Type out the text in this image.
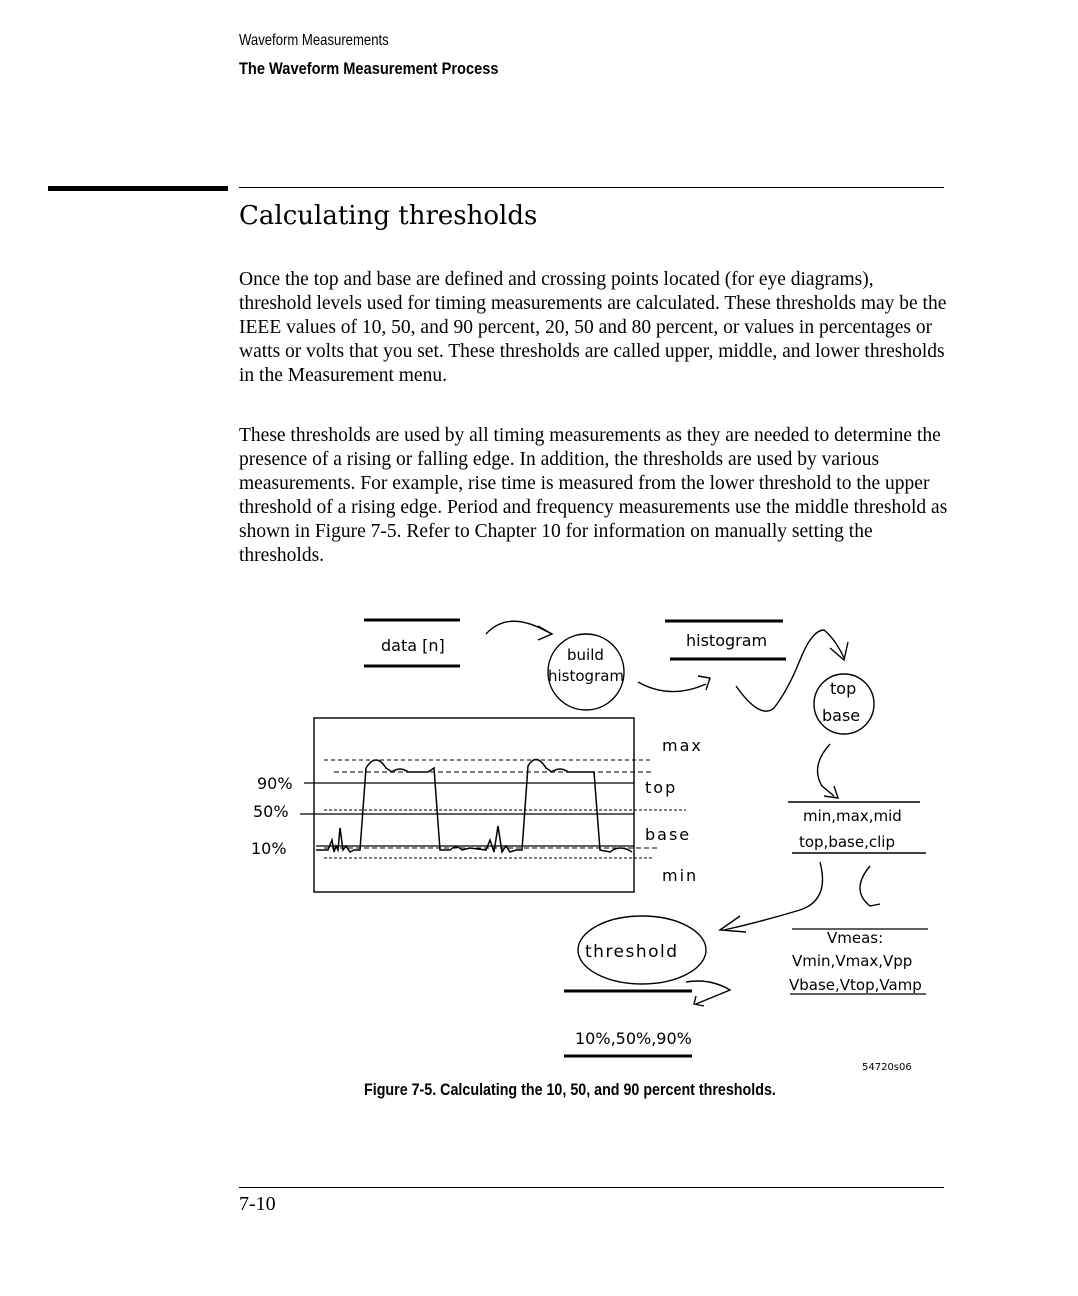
Waveform Measurements
The Waveform Measurement Process
Calculating thresholds

Once the top and base are defined and crossing points located (for eye diagrams), threshold levels used for timing measurements are calculated. These thresholds may be the IEEE values of 10, 50, and 90 percent, 20, 50 and 80 percent, or values in percentages or watts or volts that you set. These thresholds are called upper, middle, and lower thresholds in the Measurement menu.

These thresholds are used by all timing measurements as they are needed to determine the presence of a rising or falling edge. In addition, the thresholds are used by various measurements. For example, rise time is measured from the lower threshold to the upper threshold of a rising edge. Period and frequency measurements use the middle threshold as shown in Figure 7-5. Refer to Chapter 10 for information on manually setting the thresholds.

data [n]	build
histogram
histogram
top
base
max
top
base
min
90%
50%
10%
min,max,mid
top,base,clip
threshold
Vmeas:
Vmin,Vmax,Vpp
Vbase,Vtop,Vamp
10%,50%,90%
54720s06
Figure 7-5. Calculating the 10, 50, and 90 percent thresholds.
7-10
